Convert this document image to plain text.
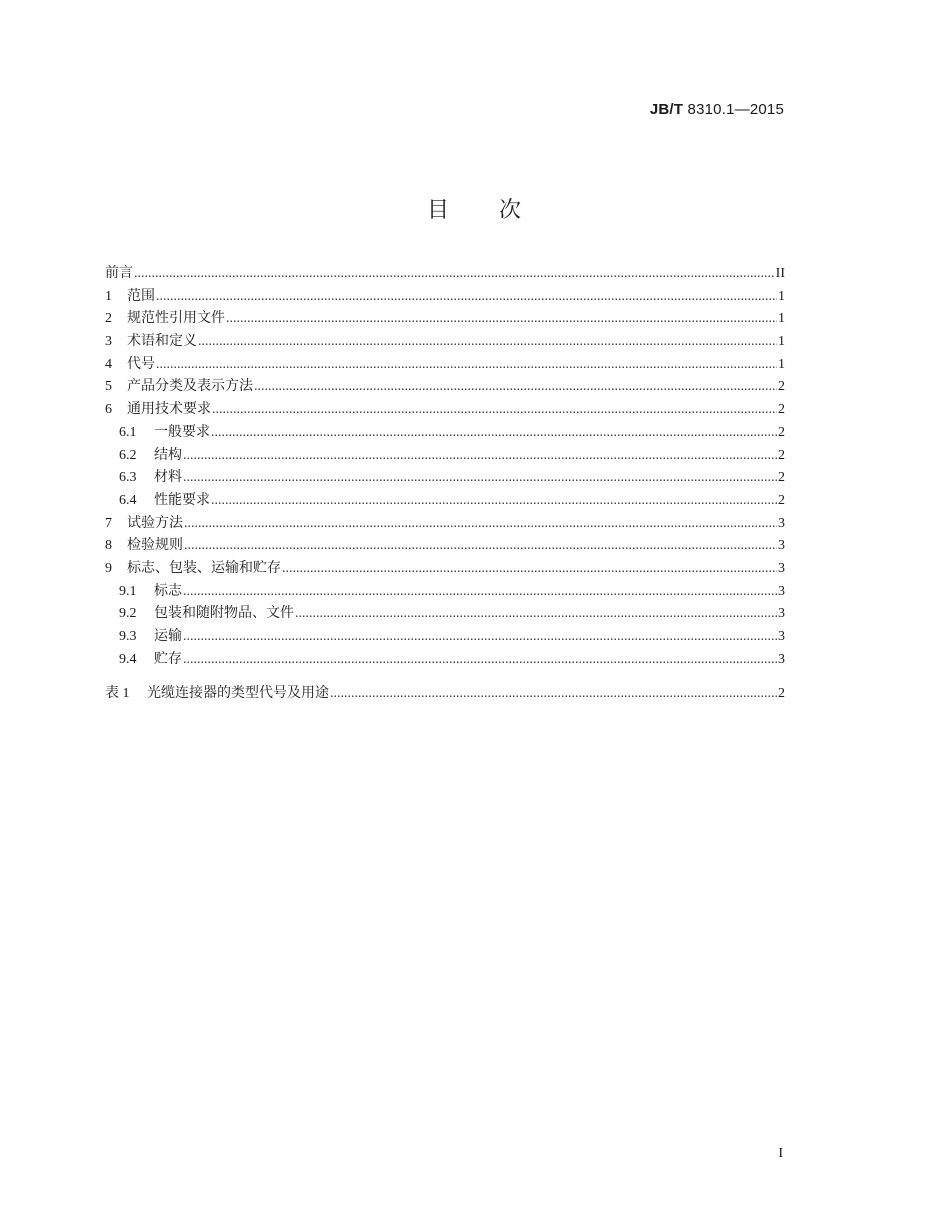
JB/T 8310.1—2015
目 次
前言 .....	II
1	范围 .....	1
2	规范性引用文件 .....	1
3	术语和定义 .....	1
4	代号 .....	1
5	产品分类及表示方法 .....	2
6	通用技术要求 .....	2
6.1	一般要求 .....	2
6.2	结构 .....	2
6.3	材料 .....	2
6.4	性能要求 .....	2
7	试验方法 .....	3
8	检验规则 .....	3
9	标志、包装、运输和贮存 .....	3
9.1	标志 .....	3
9.2	包装和随附物品、文件 .....	3
9.3	运输 .....	3
9.4	贮存 .....	3
表 1	光缆连接器的类型代号及用途 .....	2
I
